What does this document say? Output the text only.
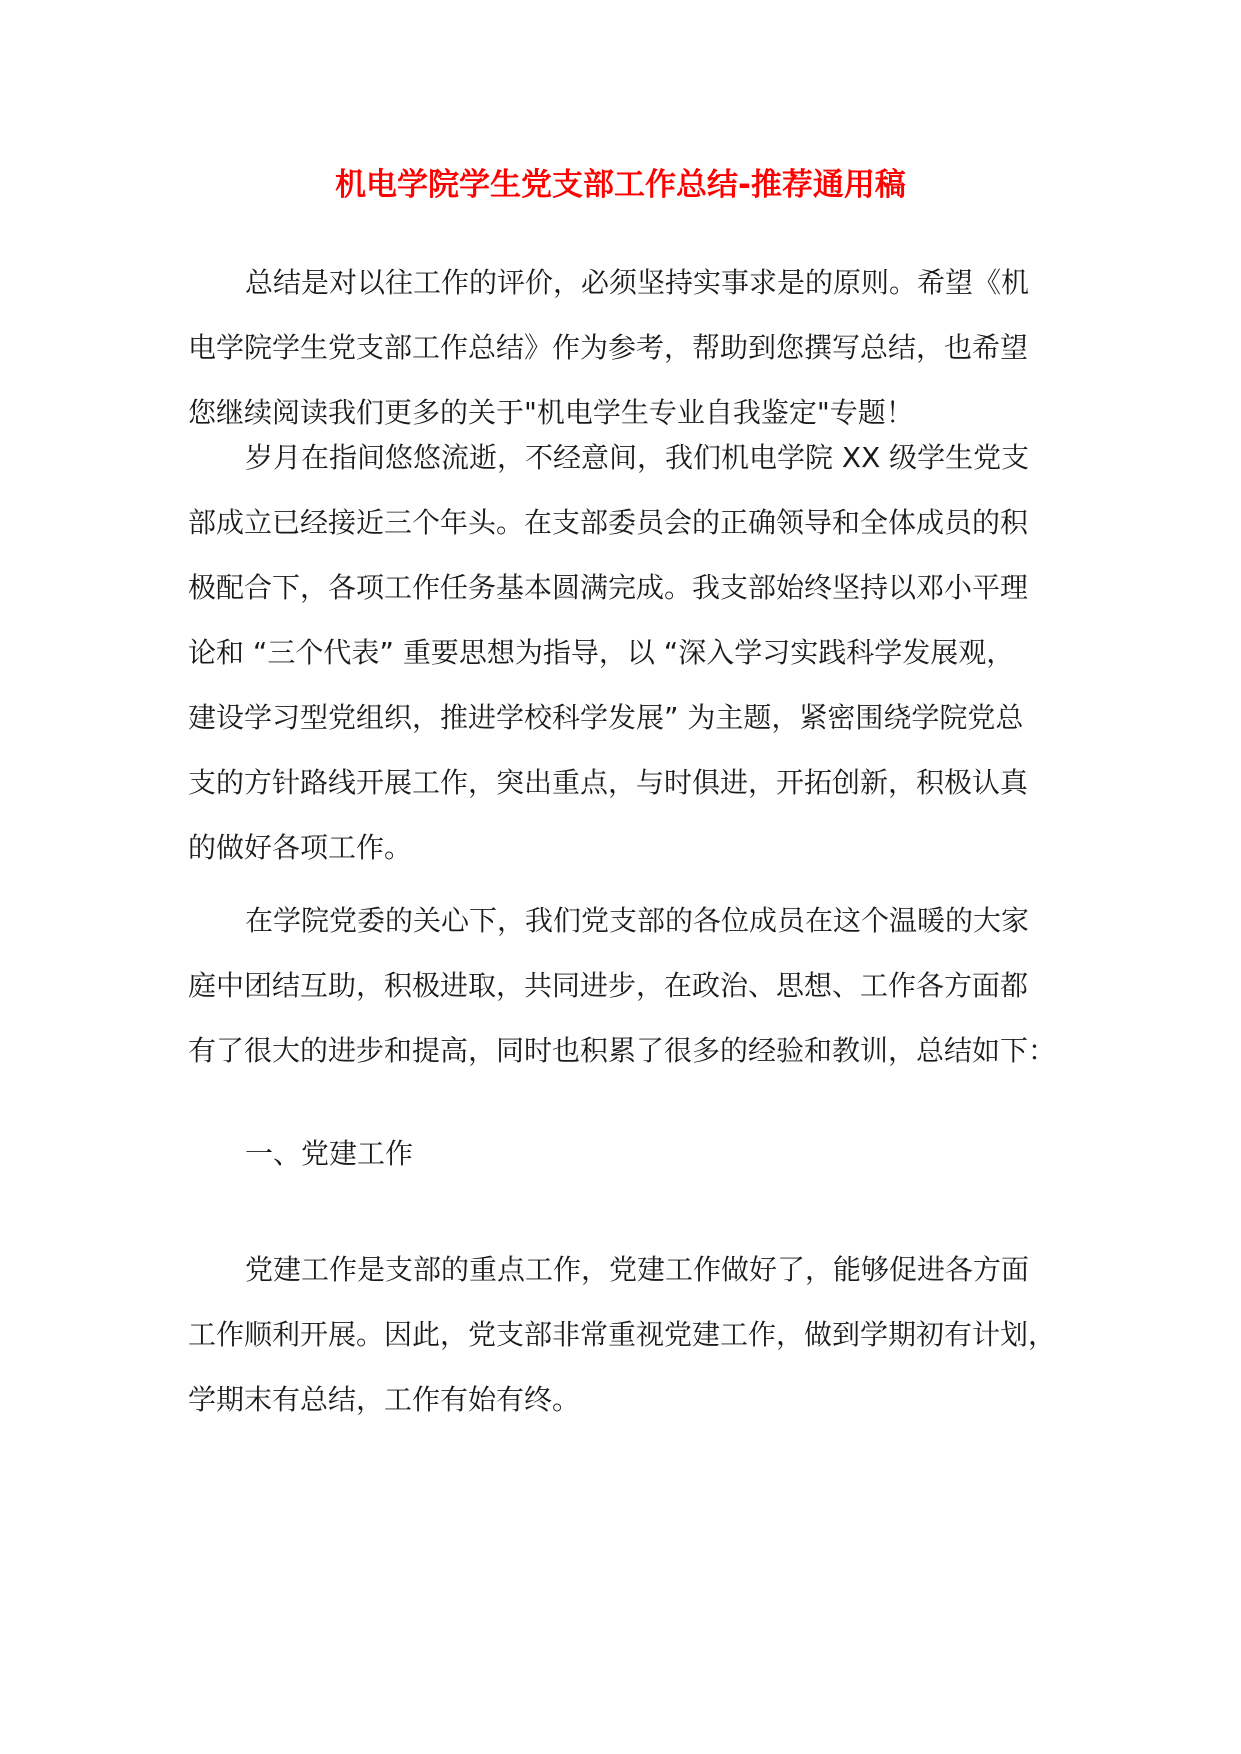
机电学院学生党支部工作总结-推荐通用稿
总结是对以往工作的评价，必须坚持实事求是的原则。希望《机
电学院学生党支部工作总结》作为参考，帮助到您撰写总结，也希望
您继续阅读我们更多的关于"机电学生专业自我鉴定"专题！
岁月在指间悠悠流逝，不经意间，我们机电学院 XX 级学生党支
部成立已经接近三个年头。在支部委员会的正确领导和全体成员的积
极配合下，各项工作任务基本圆满完成。我支部始终坚持以邓小平理
论和 “三个代表” 重要思想为指导，以 “深入学习实践科学发展观，
建设学习型党组织，推进学校科学发展” 为主题，紧密围绕学院党总
支的方针路线开展工作，突出重点，与时俱进，开拓创新，积极认真
的做好各项工作。
在学院党委的关心下，我们党支部的各位成员在这个温暖的大家
庭中团结互助，积极进取，共同进步，在政治、思想、工作各方面都
有了很大的进步和提高，同时也积累了很多的经验和教训，总结如下：
一、党建工作
党建工作是支部的重点工作，党建工作做好了，能够促进各方面
工作顺利开展。因此，党支部非常重视党建工作，做到学期初有计划，
学期末有总结，工作有始有终。
